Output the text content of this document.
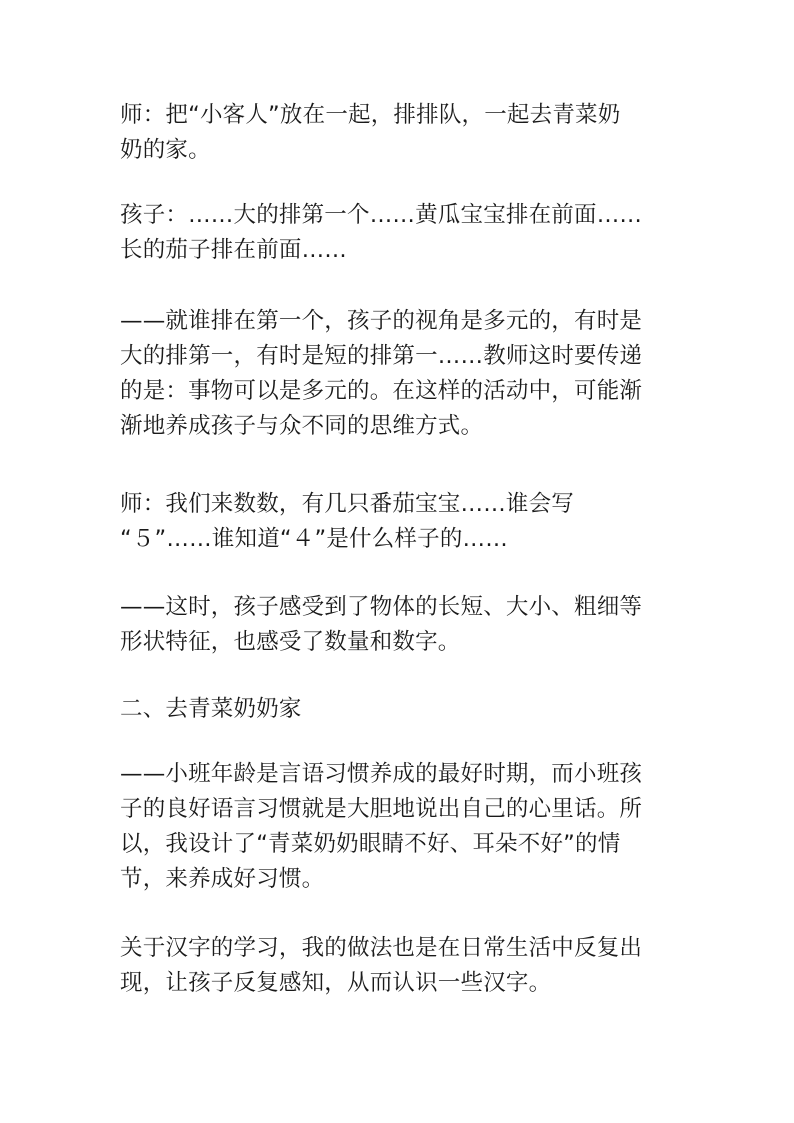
师：把“小客人”放在一起，排排队，一起去青菜奶
奶的家。
孩子：……大的排第一个……黄瓜宝宝排在前面……
长的茄子排在前面……
——就谁排在第一个，孩子的视角是多元的，有时是
大的排第一，有时是短的排第一……教师这时要传递
的是：事物可以是多元的。在这样的活动中，可能渐
渐地养成孩子与众不同的思维方式。
师：我们来数数，有几只番茄宝宝……谁会写
“５”……谁知道“４”是什么样子的……
——这时，孩子感受到了物体的长短、大小、粗细等
形状特征，也感受了数量和数字。
二、去青菜奶奶家
——小班年龄是言语习惯养成的最好时期，而小班孩
子的良好语言习惯就是大胆地说出自己的心里话。所
以，我设计了“青菜奶奶眼睛不好、耳朵不好”的情
节，来养成好习惯。
关于汉字的学习，我的做法也是在日常生活中反复出
现，让孩子反复感知，从而认识一些汉字。
